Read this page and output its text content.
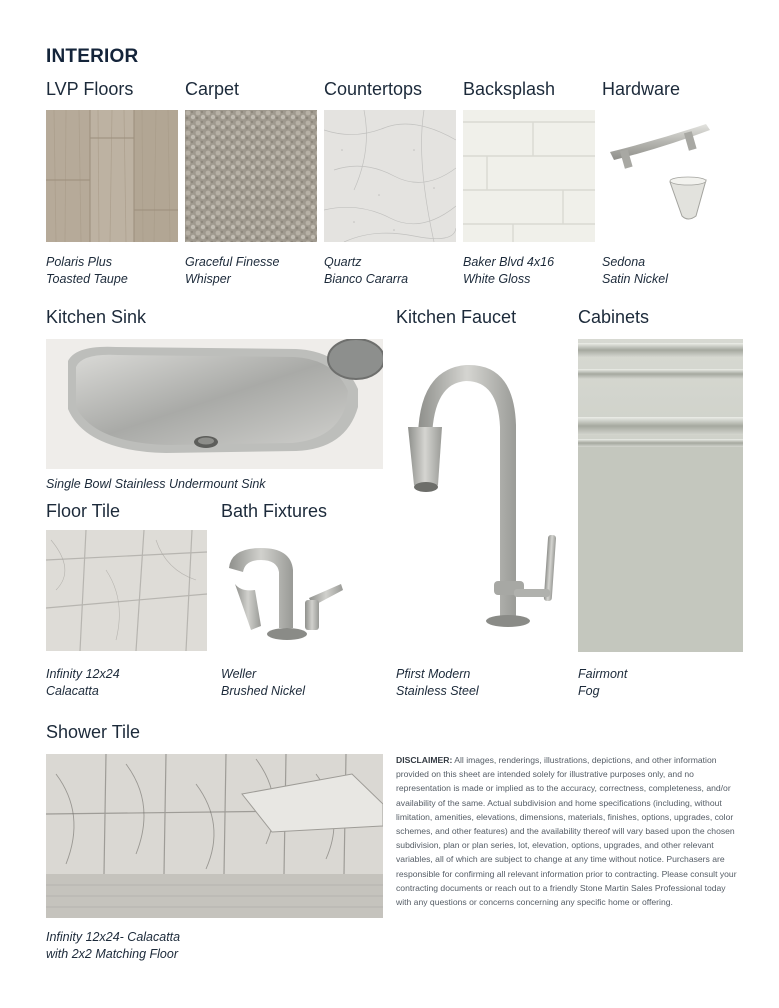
INTERIOR
LVP Floors	Carpet	Countertops Backsplash	Hardware
Polaris Plus
Toasted Taupe
Graceful Finesse
Whisper
Quartz
Bianco Cararra
Baker Blvd 4x16
White Gloss
Sedona
Satin Nickel
Kitchen Sink	Kitchen Faucet	Cabinets
Single Bowl Stainless Undermount Sink
Pfirst Modern
Stainless Steel
Fairmont
Fog
Floor Tile	Bath Fixtures
Infinity 12x24
Calacatta
Weller
Brushed Nickel
Shower Tile
Infinity 12x24- Calacatta
with 2x2 Matching Floor
DISCLAIMER: All images, renderings, illustrations, depictions, and other information provided on this sheet are intended solely for illustrative purposes only, and no representation is made or implied as to the accuracy, correctness, completeness, and/or availability of the same. Actual subdivision and home specifications (including, without limitation, amenities, elevations, dimensions, materials, finishes, options, upgrades, color schemes, and other features) and the availability thereof will vary based upon the chosen subdivision, plan or plan series, lot, elevation, options, upgrades, and other relevant variables, all of which are subject to change at any time without notice. Purchasers are responsible for confirming all relevant information prior to contracting. Please consult your contracting documents or reach out to a friendly Stone Martin Sales Professional today with any questions or concerns concerning any specific home or offering.
